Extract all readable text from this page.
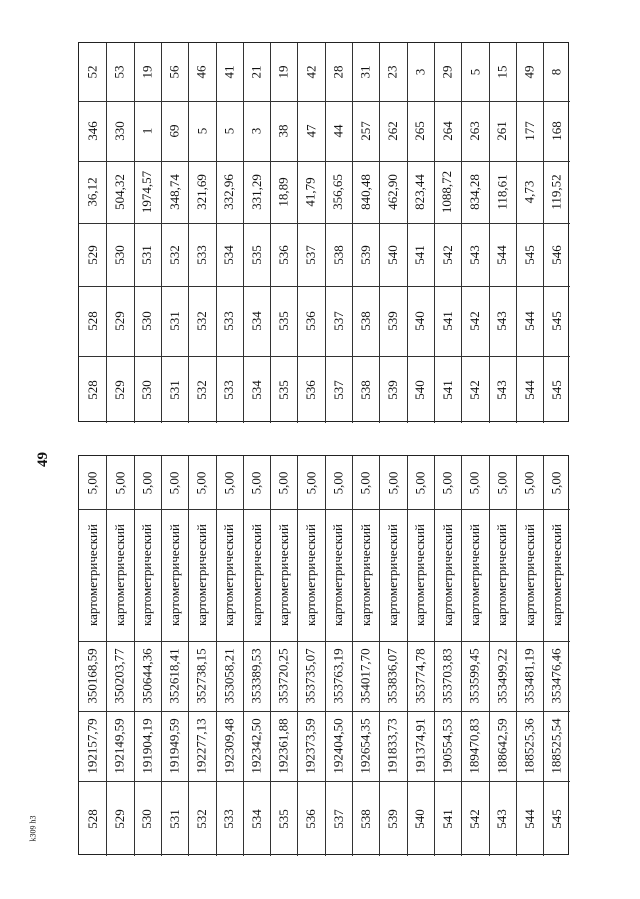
49
k309 h3
5,00
картометрический
350168,59
192157,79
528
5,00
картометрический
350203,77
192149,59
529
5,00
картометрический
350644,36
191904,19
530
5,00
картометрический
352618,41
191949,59
531
5,00
картометрический
352738,15
192277,13
532
5,00
картометрический
353058,21
192309,48
533
5,00
картометрический
353389,53
192342,50
534
5,00
картометрический
353720,25
192361,88
535
5,00
картометрический
353735,07
192373,59
536
5,00
картометрический
353763,19
192404,50
537
5,00
картометрический
354017,70
192654,35
538
5,00
картометрический
353836,07
191833,73
539
5,00
картометрический
353774,78
191374,91
540
5,00
картометрический
353703,83
190554,53
541
5,00
картометрический
353599,45
189470,83
542
5,00
картометрический
353499,22
188642,59
543
5,00
картометрический
353481,19
188525,36
544
5,00
картометрический
353476,46
188525,54
545
52
346
36,12
529
528
528
53
330
504,32
530
529
529
19
1
1974,57
531
530
530
56
69
348,74
532
531
531
46
5
321,69
533
532
532
41
5
332,96
534
533
533
21
3
331,29
535
534
534
19
38
18,89
536
535
535
42
47
41,79
537
536
536
28
44
356,65
538
537
537
31
257
840,48
539
538
538
23
262
462,90
540
539
539
3
265
823,44
541
540
540
29
264
1088,72
542
541
541
5
263
834,28
543
542
542
15
261
118,61
544
543
543
49
177
4,73
545
544
544
8
168
119,52
546
545
545
